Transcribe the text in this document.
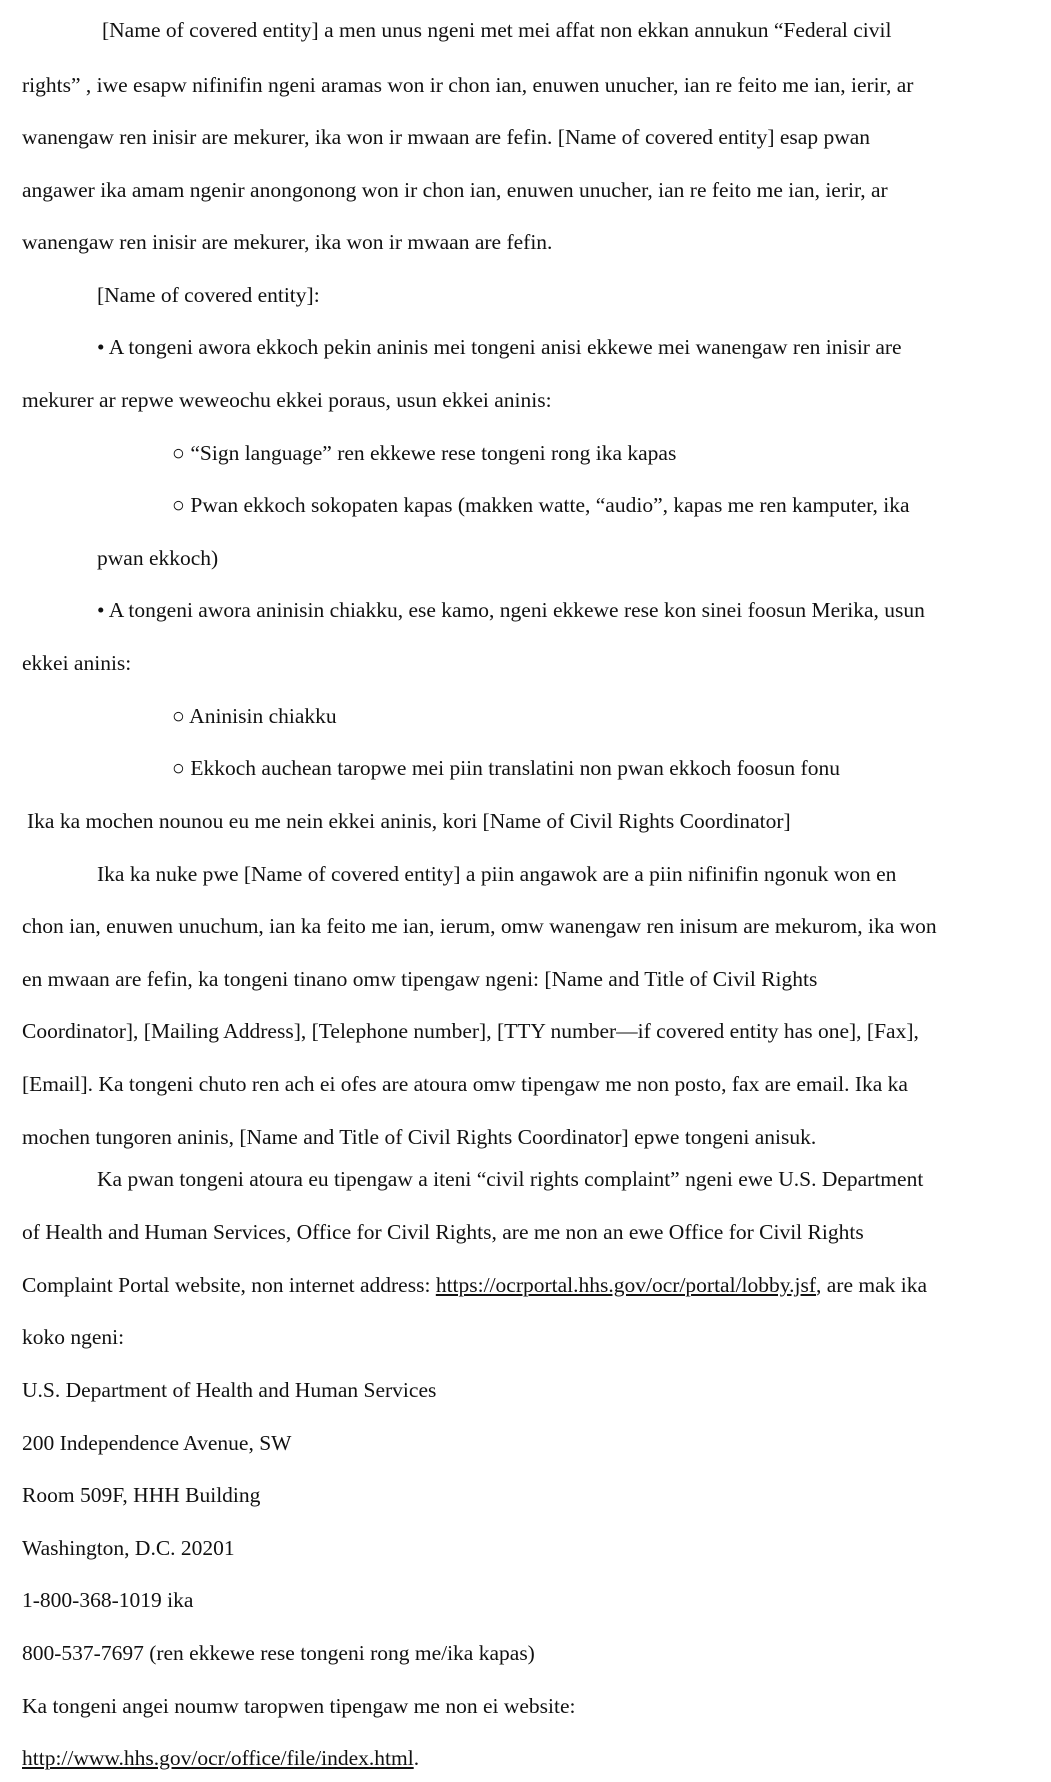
[Name of covered entity] a men unus ngeni met mei affat non ekkan annukun “Federal civil
rights” , iwe esapw nifinifin ngeni aramas won ir chon ian, enuwen unucher, ian re feito me ian, ierir, ar
wanengaw ren inisir are mekurer, ika won ir mwaan are fefin. [Name of covered entity] esap pwan
angawer ika amam ngenir anongonong won ir chon ian, enuwen unucher, ian re feito me ian, ierir, ar
wanengaw ren inisir are mekurer, ika won ir mwaan are fefin.
[Name of covered entity]:
• A tongeni awora ekkoch pekin aninis mei tongeni anisi ekkewe mei wanengaw ren inisir are
mekurer ar repwe weweochu ekkei poraus, usun ekkei aninis:
○ “Sign language” ren ekkewe rese tongeni rong ika kapas
○ Pwan ekkoch sokopaten kapas (makken watte, “audio”, kapas me ren kamputer, ika
pwan ekkoch)
• A tongeni awora aninisin chiakku, ese kamo, ngeni ekkewe rese kon sinei foosun Merika, usun
ekkei aninis:
○ Aninisin chiakku
○ Ekkoch auchean taropwe mei piin translatini non pwan ekkoch foosun fonu
Ika ka mochen nounou eu me nein ekkei aninis, kori [Name of Civil Rights Coordinator]
Ika ka nuke pwe [Name of covered entity] a piin angawok are a piin nifinifin ngonuk won en
chon ian, enuwen unuchum, ian ka feito me ian, ierum, omw wanengaw ren inisum are mekurom, ika won
en mwaan are fefin, ka tongeni tinano omw tipengaw ngeni: [Name and Title of Civil Rights
Coordinator], [Mailing Address], [Telephone number], [TTY number—if covered entity has one], [Fax],
[Email]. Ka tongeni chuto ren ach ei ofes are atoura omw tipengaw me non posto, fax are email. Ika ka
mochen tungoren aninis, [Name and Title of Civil Rights Coordinator] epwe tongeni anisuk.
Ka pwan tongeni atoura eu tipengaw a iteni “civil rights complaint” ngeni ewe U.S. Department
of Health and Human Services, Office for Civil Rights, are me non an ewe Office for Civil Rights
Complaint Portal website, non internet address: https://ocrportal.hhs.gov/ocr/portal/lobby.jsf, are mak ika
koko ngeni:
U.S. Department of Health and Human Services
200 Independence Avenue, SW
Room 509F, HHH Building
Washington, D.C. 20201
1-800-368-1019 ika
800-537-7697 (ren ekkewe rese tongeni rong me/ika kapas)
Ka tongeni angei noumw taropwen tipengaw me non ei website:
http://www.hhs.gov/ocr/office/file/index.html.
